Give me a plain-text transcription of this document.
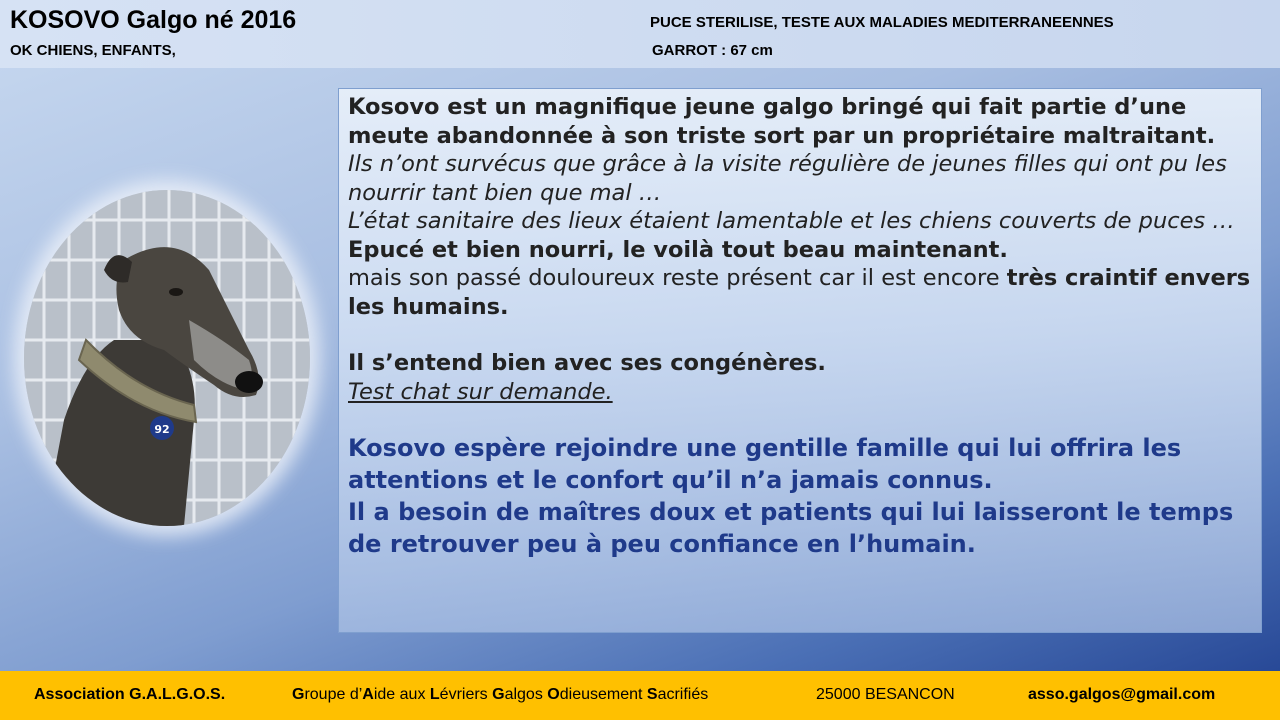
KOSOVO Galgo né 2016
OK CHIENS, ENFANTS,
PUCE STERILISE, TESTE AUX MALADIES MEDITERRANEENNES
GARROT : 67 cm
92
Kosovo est un magnifique jeune galgo bringé qui fait partie d’une meute abandonnée à son triste sort par un propriétaire maltraitant.
Ils n’ont survécus que grâce à la visite régulière de jeunes filles qui ont pu les nourrir tant bien que mal …
L’état sanitaire des lieux étaient lamentable et les chiens couverts de puces …
Epucé et bien nourri, le voilà tout beau maintenant.
mais son passé douloureux reste présent car il est encore très craintif envers les humains.
Il s’entend bien avec ses congénères.
Test chat sur demande.
Kosovo espère rejoindre une gentille famille qui lui offrira les attentions et le confort qu’il n’a jamais connus.
Il a besoin de maîtres doux et patients qui lui laisseront le temps de retrouver peu à peu confiance en l’humain.
Association G.A.L.G.O.S.	Groupe d’Aide aux Lévriers Galgos Odieusement Sacrifiés	25000 BESANCON	asso.galgos@gmail.com
